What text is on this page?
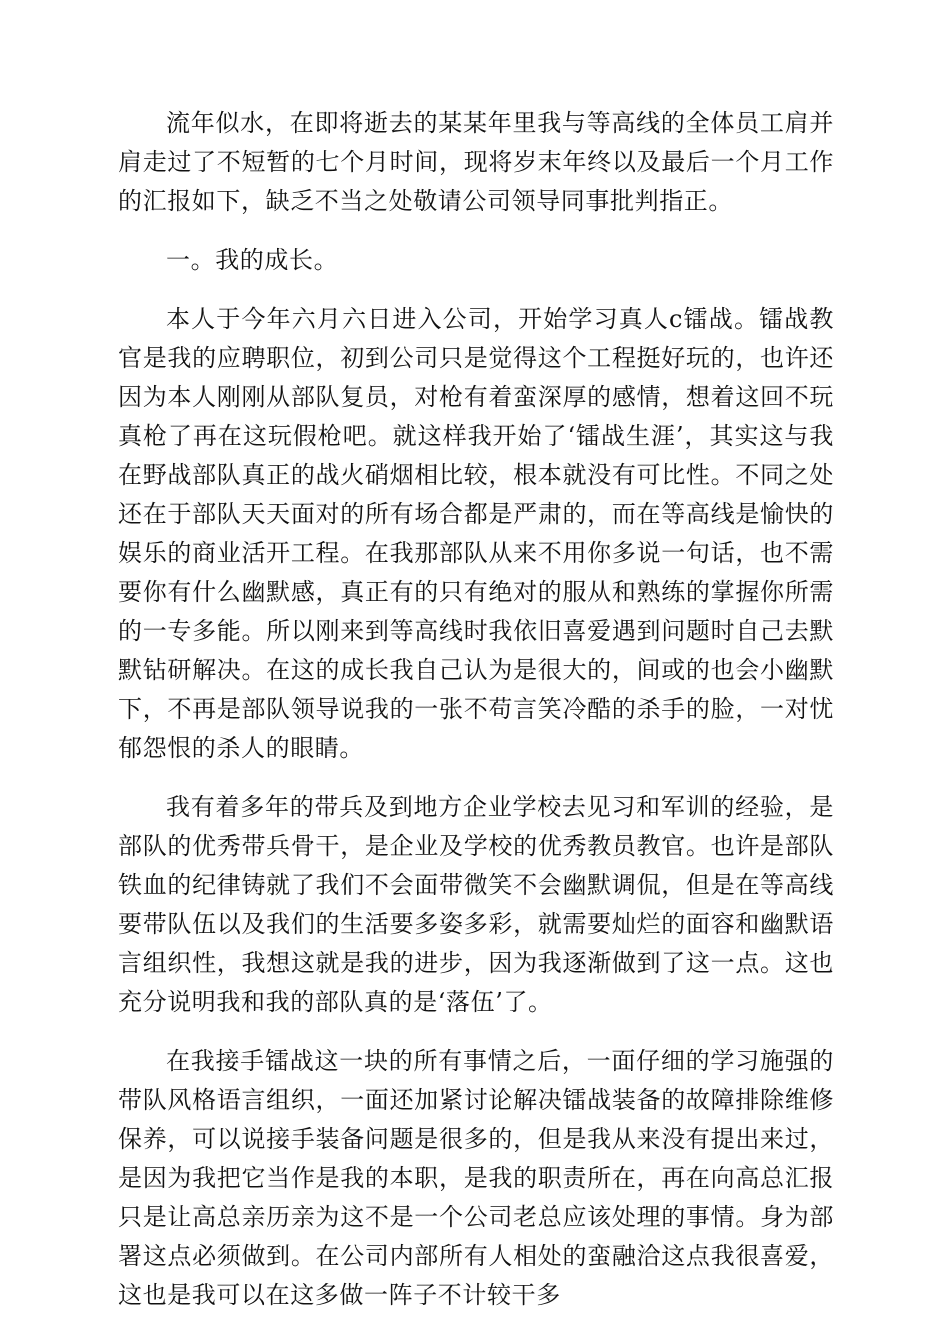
流年似水，在即将逝去的某某年里我与等高线的全体员工肩并肩走过了不短暂的七个月时间，现将岁末年终以及最后一个月工作的汇报如下，缺乏不当之处敬请公司领导同事批判指正。

一。我的成长。

本人于今年六月六日进入公司，开始学习真人c镭战。镭战教官是我的应聘职位，初到公司只是觉得这个工程挺好玩的，也许还因为本人刚刚从部队复员，对枪有着蛮深厚的感情，想着这回不玩真枪了再在这玩假枪吧。就这样我开始了‘镭战生涯’，其实这与我在野战部队真正的战火硝烟相比较，根本就没有可比性。不同之处还在于部队天天面对的所有场合都是严肃的，而在等高线是愉快的娱乐的商业活开工程。在我那部队从来不用你多说一句话，也不需要你有什么幽默感，真正有的只有绝对的服从和熟练的掌握你所需的一专多能。所以刚来到等高线时我依旧喜爱遇到问题时自己去默默钻研解决。在这的成长我自己认为是很大的，间或的也会小幽默下，不再是部队领导说我的一张不苟言笑冷酷的杀手的脸，一对忧郁怨恨的杀人的眼睛。

我有着多年的带兵及到地方企业学校去见习和军训的经验，是部队的优秀带兵骨干，是企业及学校的优秀教员教官。也许是部队铁血的纪律铸就了我们不会面带微笑不会幽默调侃，但是在等高线要带队伍以及我们的生活要多姿多彩，就需要灿烂的面容和幽默语言组织性，我想这就是我的进步，因为我逐渐做到了这一点。这也充分说明我和我的部队真的是‘落伍’了。

在我接手镭战这一块的所有事情之后，一面仔细的学习施强的带队风格语言组织，一面还加紧讨论解决镭战装备的故障排除维修保养，可以说接手装备问题是很多的，但是我从来没有提出来过，是因为我把它当作是我的本职，是我的职责所在，再在向高总汇报只是让高总亲历亲为这不是一个公司老总应该处理的事情。身为部署这点必须做到。在公司内部所有人相处的蛮融洽这点我很喜爱，这也是我可以在这多做一阵子不计较干多
